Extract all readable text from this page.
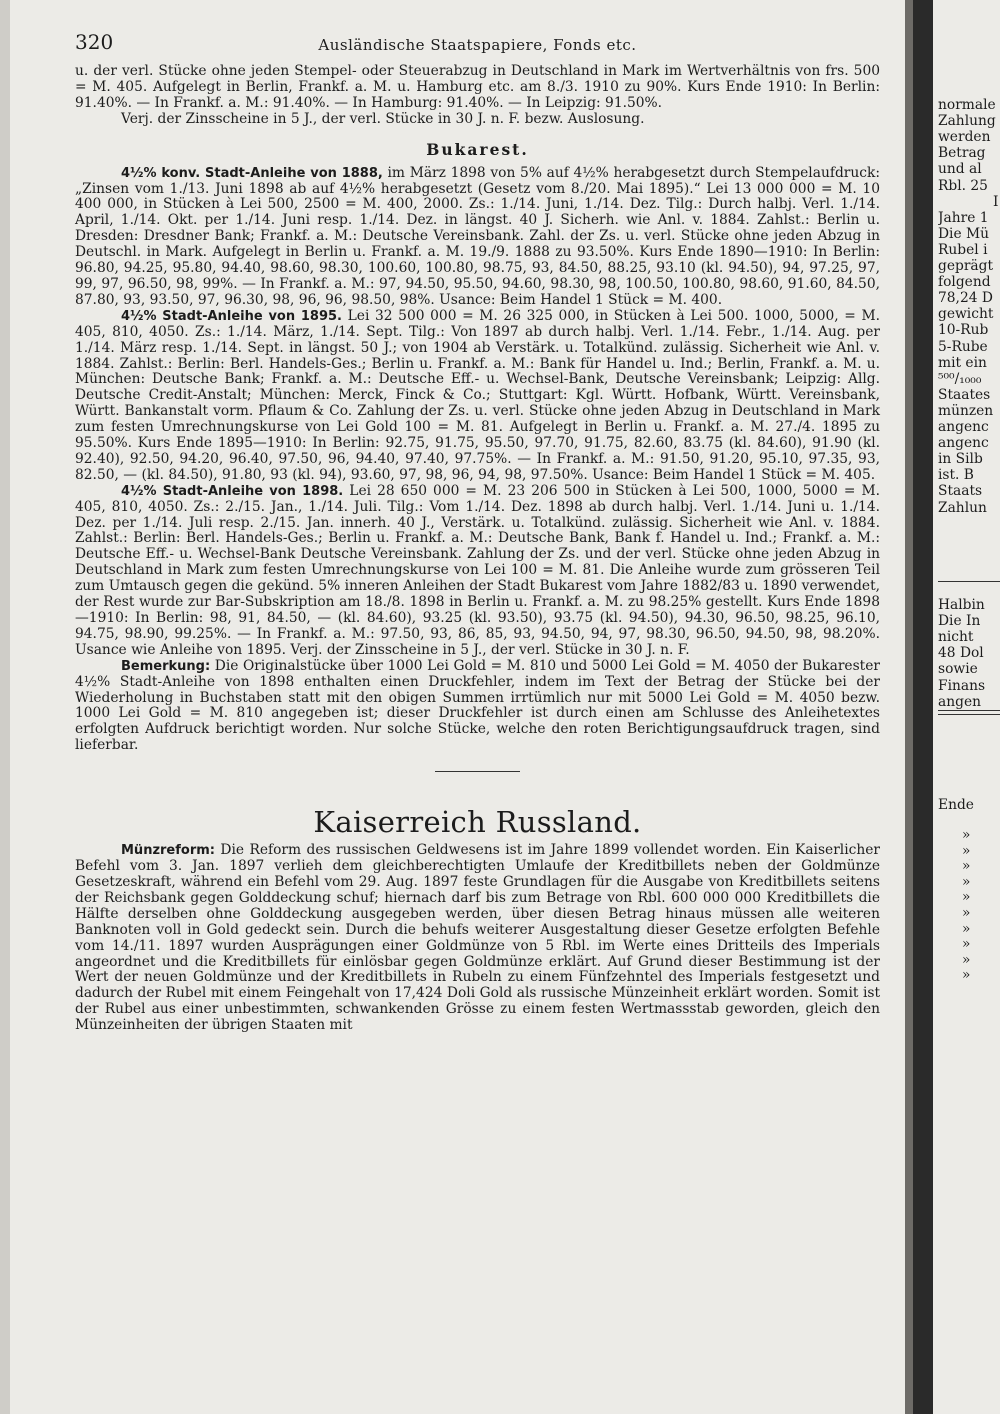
320	Ausländische Staatspapiere, Fonds etc.

u. der verl. Stücke ohne jeden Stempel- oder Steuerabzug in Deutschland in Mark im Wertverhältnis von frs. 500 = M. 405. Aufgelegt in Berlin, Frankf. a. M. u. Hamburg etc. am 8./3. 1910 zu 90%. Kurs Ende 1910: In Berlin: 91.40%. — In Frankf. a. M.: 91.40%. — In Hamburg: 91.40%. — In Leipzig: 91.50%.

Verj. der Zinsscheine in 5 J., der verl. Stücke in 30 J. n. F. bezw. Auslosung.

Bukarest.

4½% konv. Stadt-Anleihe von 1888, im März 1898 von 5% auf 4½% herabgesetzt durch Stempelaufdruck: „Zinsen vom 1./13. Juni 1898 ab auf 4½% herabgesetzt (Gesetz vom 8./20. Mai 1895).“ Lei 13 000 000 = M. 10 400 000, in Stücken à Lei 500, 2500 = M. 400, 2000. Zs.: 1./14. Juni, 1./14. Dez. Tilg.: Durch halbj. Verl. 1./14. April, 1./14. Okt. per 1./14. Juni resp. 1./14. Dez. in längst. 40 J. Sicherh. wie Anl. v. 1884. Zahlst.: Berlin u. Dresden: Dresdner Bank; Frankf. a. M.: Deutsche Vereinsbank. Zahl. der Zs. u. verl. Stücke ohne jeden Abzug in Deutschl. in Mark. Aufgelegt in Berlin u. Frankf. a. M. 19./9. 1888 zu 93.50%. Kurs Ende 1890—1910: In Berlin: 96.80, 94.25, 95.80, 94.40, 98.60, 98.30, 100.60, 100.80, 98.75, 93, 84.50, 88.25, 93.10 (kl. 94.50), 94, 97.25, 97, 99, 97, 96.50, 98, 99%. — In Frankf. a. M.: 97, 94.50, 95.50, 94.60, 98.30, 98, 100.50, 100.80, 98.60, 91.60, 84.50, 87.80, 93, 93.50, 97, 96.30, 98, 96, 96, 98.50, 98%. Usance: Beim Handel 1 Stück = M. 400.

4½% Stadt-Anleihe von 1895. Lei 32 500 000 = M. 26 325 000, in Stücken à Lei 500. 1000, 5000, = M. 405, 810, 4050. Zs.: 1./14. März, 1./14. Sept. Tilg.: Von 1897 ab durch halbj. Verl. 1./14. Febr., 1./14. Aug. per 1./14. März resp. 1./14. Sept. in längst. 50 J.; von 1904 ab Verstärk. u. Totalkünd. zulässig. Sicherheit wie Anl. v. 1884. Zahlst.: Berlin: Berl. Handels-Ges.; Berlin u. Frankf. a. M.: Bank für Handel u. Ind.; Berlin, Frankf. a. M. u. München: Deutsche Bank; Frankf. a. M.: Deutsche Eff.- u. Wechsel-Bank, Deutsche Vereinsbank; Leipzig: Allg. Deutsche Credit-Anstalt; München: Merck, Finck & Co.; Stuttgart: Kgl. Württ. Hofbank, Württ. Vereinsbank, Württ. Bankanstalt vorm. Pflaum & Co. Zahlung der Zs. u. verl. Stücke ohne jeden Abzug in Deutschland in Mark zum festen Umrechnungskurse von Lei Gold 100 = M. 81. Aufgelegt in Berlin u. Frankf. a. M. 27./4. 1895 zu 95.50%. Kurs Ende 1895—1910: In Berlin: 92.75, 91.75, 95.50, 97.70, 91.75, 82.60, 83.75 (kl. 84.60), 91.90 (kl. 92.40), 92.50, 94.20, 96.40, 97.50, 96, 94.40, 97.40, 97.75%. — In Frankf. a. M.: 91.50, 91.20, 95.10, 97.35, 93, 82.50, — (kl. 84.50), 91.80, 93 (kl. 94), 93.60, 97, 98, 96, 94, 98, 97.50%. Usance: Beim Handel 1 Stück = M. 405.

4½% Stadt-Anleihe von 1898. Lei 28 650 000 = M. 23 206 500 in Stücken à Lei 500, 1000, 5000 = M. 405, 810, 4050. Zs.: 2./15. Jan., 1./14. Juli. Tilg.: Vom 1./14. Dez. 1898 ab durch halbj. Verl. 1./14. Juni u. 1./14. Dez. per 1./14. Juli resp. 2./15. Jan. innerh. 40 J., Verstärk. u. Totalkünd. zulässig. Sicherheit wie Anl. v. 1884. Zahlst.: Berlin: Berl. Handels-Ges.; Berlin u. Frankf. a. M.: Deutsche Bank, Bank f. Handel u. Ind.; Frankf. a. M.: Deutsche Eff.- u. Wechsel-Bank Deutsche Vereinsbank. Zahlung der Zs. und der verl. Stücke ohne jeden Abzug in Deutschland in Mark zum festen Umrechnungskurse von Lei 100 = M. 81. Die Anleihe wurde zum grösseren Teil zum Umtausch gegen die gekünd. 5% inneren Anleihen der Stadt Bukarest vom Jahre 1882/83 u. 1890 verwendet, der Rest wurde zur Bar-Subskription am 18./8. 1898 in Berlin u. Frankf. a. M. zu 98.25% gestellt. Kurs Ende 1898—1910: In Berlin: 98, 91, 84.50, — (kl. 84.60), 93.25 (kl. 93.50), 93.75 (kl. 94.50), 94.30, 96.50, 98.25, 96.10, 94.75, 98.90, 99.25%. — In Frankf. a. M.: 97.50, 93, 86, 85, 93, 94.50, 94, 97, 98.30, 96.50, 94.50, 98, 98.20%. Usance wie Anleihe von 1895. Verj. der Zinsscheine in 5 J., der verl. Stücke in 30 J. n. F.

Bemerkung: Die Originalstücke über 1000 Lei Gold = M. 810 und 5000 Lei Gold = M. 4050 der Bukarester 4½% Stadt-Anleihe von 1898 enthalten einen Druckfehler, indem im Text der Betrag der Stücke bei der Wiederholung in Buchstaben statt mit den obigen Summen irrtümlich nur mit 5000 Lei Gold = M. 4050 bezw. 1000 Lei Gold = M. 810 angegeben ist; dieser Druckfehler ist durch einen am Schlusse des Anleihetextes erfolgten Aufdruck berichtigt worden. Nur solche Stücke, welche den roten Berichtigungsaufdruck tragen, sind lieferbar.

Kaiserreich Russland.

Münzreform: Die Reform des russischen Geldwesens ist im Jahre 1899 vollendet worden. Ein Kaiserlicher Befehl vom 3. Jan. 1897 verlieh dem gleichberechtigten Umlaufe der Kreditbillets neben der Goldmünze Gesetzeskraft, während ein Befehl vom 29. Aug. 1897 feste Grundlagen für die Ausgabe von Kreditbillets seitens der Reichsbank gegen Golddeckung schuf; hiernach darf bis zum Betrage von Rbl. 600 000 000 Kreditbillets die Hälfte derselben ohne Golddeckung ausgegeben werden, über diesen Betrag hinaus müssen alle weiteren Banknoten voll in Gold gedeckt sein. Durch die behufs weiterer Ausgestaltung dieser Gesetze erfolgten Befehle vom 14./11. 1897 wurden Ausprägungen einer Goldmünze von 5 Rbl. im Werte eines Dritteils des Imperials angeordnet und die Kreditbillets für einlösbar gegen Goldmünze erklärt. Auf Grund dieser Bestimmung ist der Wert der neuen Goldmünze und der Kreditbillets in Rubeln zu einem Fünfzehntel des Imperials festgesetzt und dadurch der Rubel mit einem Feingehalt von 17,424 Doli Gold als russische Münzeinheit erklärt worden. Somit ist der Rubel aus einer unbestimmten, schwankenden Grösse zu einem festen Wertmassstab geworden, gleich den Münzeinheiten der übrigen Staaten mit

normale
Zahlung
werden
Betrag
und al
Rbl. 25
I
Jahre 1
Die Mü
Rubel i
geprägt
folgend
78,24 D
gewicht
10-Rub
5-Rube
mit ein
⁵⁰⁰/₁₀₀₀
Staates
münzen
angenc
angenc
in Silb
ist. B
Staats
Zahlun
Halbin
Die In
nicht
48 Dol
sowie
Finans
angen
Ende
»
»
»
»
»
»
»
»
»
»
